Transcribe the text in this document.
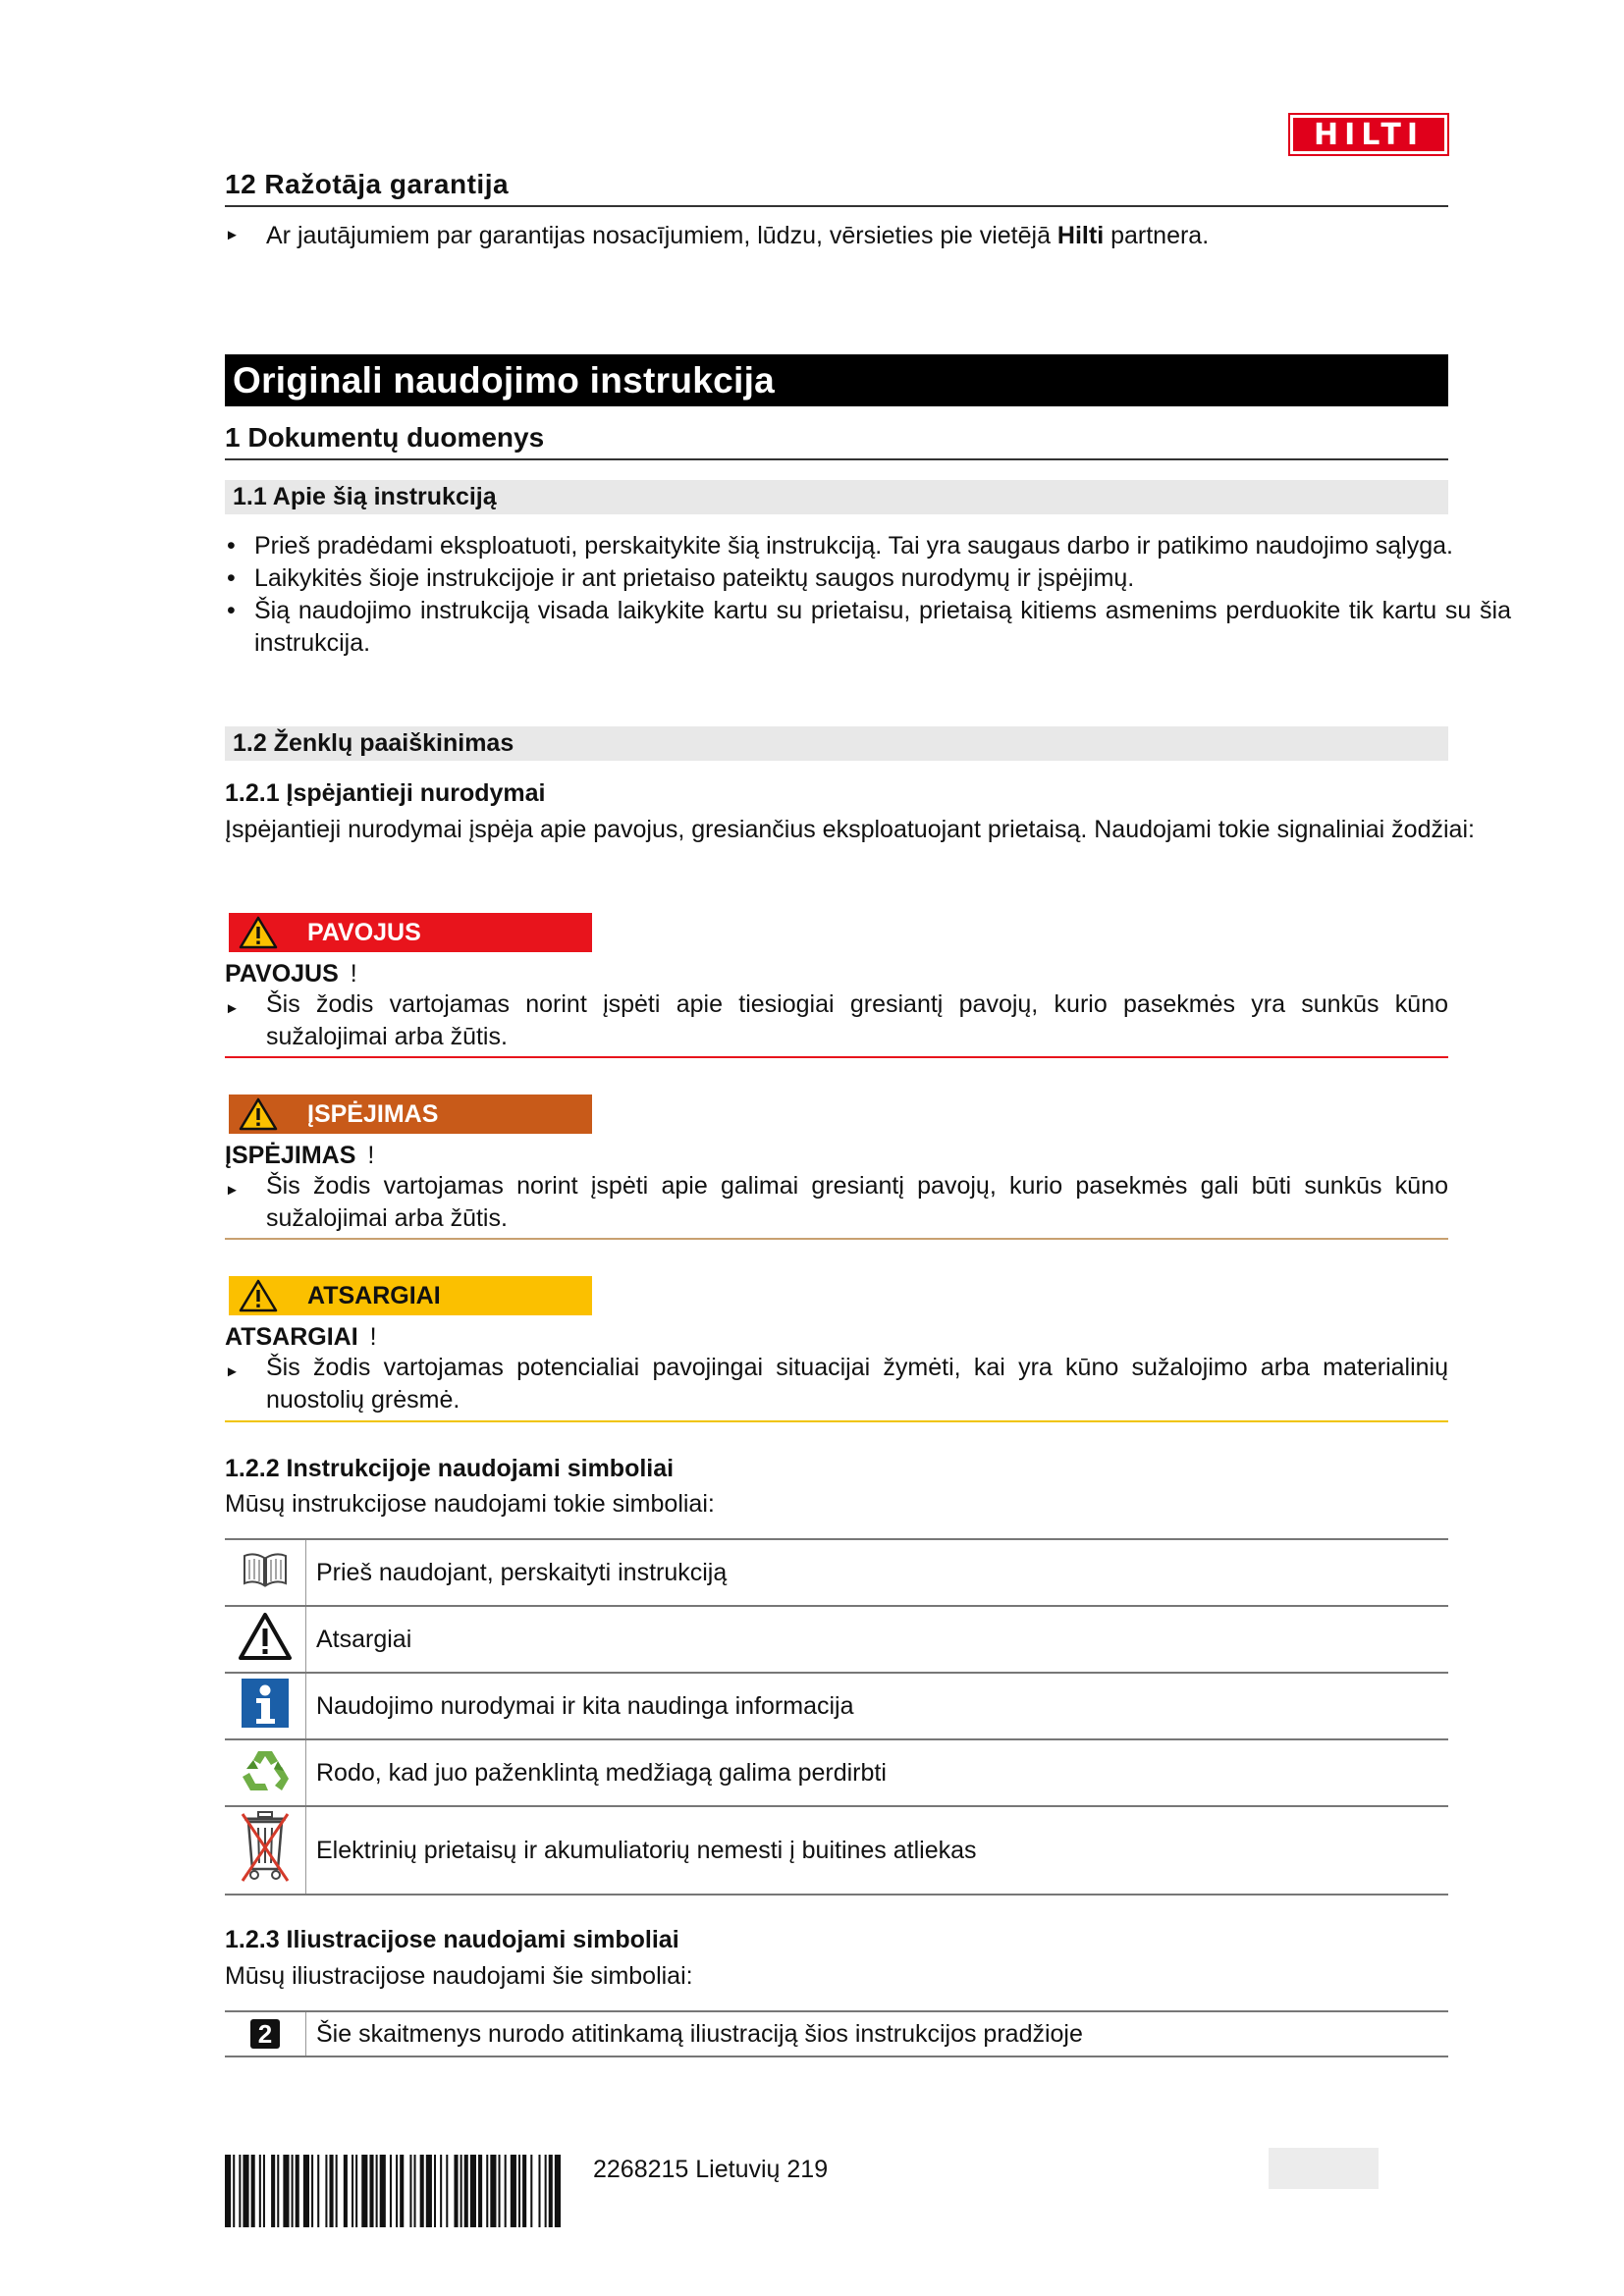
HILTI
12 Ražotāja garantija
►	Ar jautājumiem par garantijas nosacījumiem, lūdzu, vērsieties pie vietējā Hilti partnera.
Originali naudojimo instrukcija
1 Dokumentų duomenys
1.1 Apie šią instrukciją
• Prieš pradėdami eksploatuoti, perskaitykite šią instrukciją. Tai yra saugaus darbo ir patikimo naudojimo sąlyga.
• Laikykitės šioje instrukcijoje ir ant prietaiso pateiktų saugos nurodymų ir įspėjimų.
• Šią naudojimo instrukciją visada laikykite kartu su prietaisu, prietaisą kitiems asmenims perduokite tik kartu su šia instrukcija.
1.2 Ženklų paaiškinimas
1.2.1 Įspėjantieji nurodymai
Įspėjantieji nurodymai įspėja apie pavojus, gresiančius eksploatuojant prietaisą. Naudojami tokie signaliniai žodžiai:
PAVOJUS
PAVOJUS !
►	Šis žodis vartojamas norint įspėti apie tiesiogiai gresiantį pavojų, kurio pasekmės yra sunkūs kūno sužalojimai arba žūtis.
ĮSPĖJIMAS
ĮSPĖJIMAS !
►	Šis žodis vartojamas norint įspėti apie galimai gresiantį pavojų, kurio pasekmės gali būti sunkūs kūno sužalojimai arba žūtis.
ATSARGIAI
ATSARGIAI !
►	Šis žodis vartojamas potencialiai pavojingai situacijai žymėti, kai yra kūno sužalojimo arba materialinių nuostolių grėsmė.
1.2.2 Instrukcijoje naudojami simboliai
Mūsų instrukcijose naudojami tokie simboliai:
	Prieš naudojant, perskaityti instrukciją
	Atsargiai
	Naudojimo nurodymai ir kita naudinga informacija
	Rodo, kad juo paženklintą medžiagą galima perdirbti
	Elektrinių prietaisų ir akumuliatorių nemesti į buitines atliekas
1.2.3 Iliustracijose naudojami simboliai
Mūsų iliustracijose naudojami šie simboliai:
2	Šie skaitmenys nurodo atitinkamą iliustraciją šios instrukcijos pradžioje
2268215 Lietuvių 219
